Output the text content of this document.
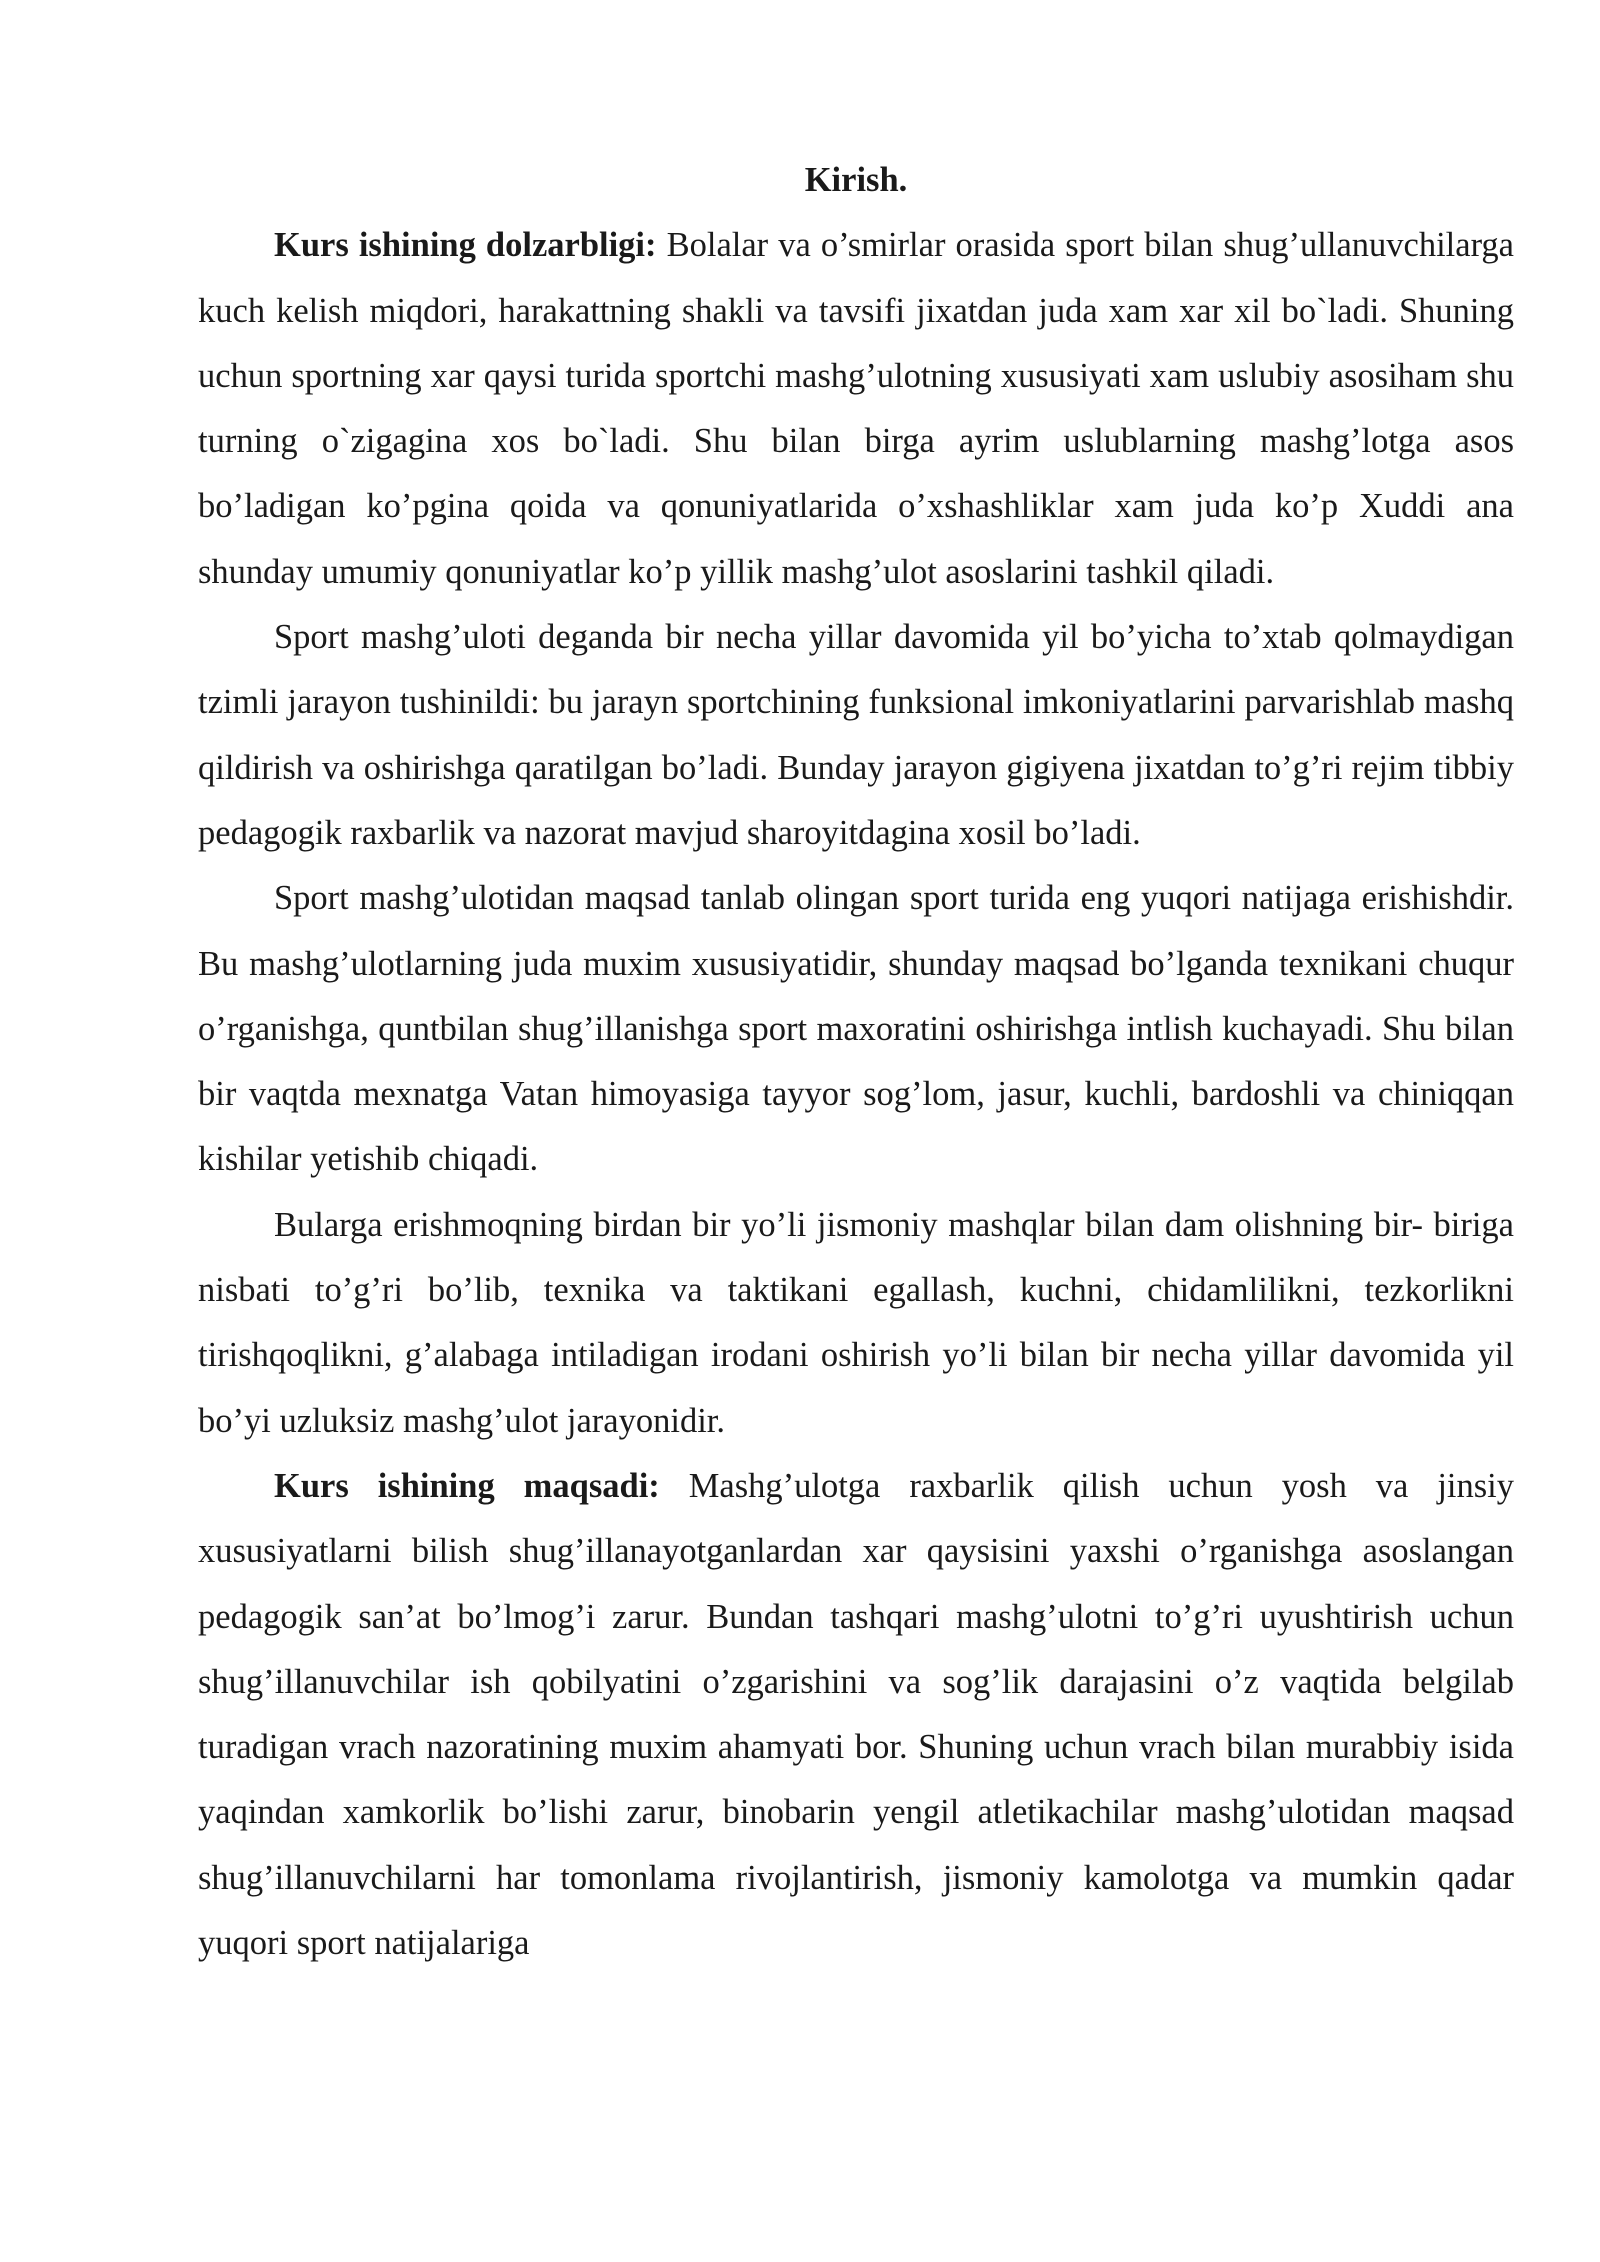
Kirish.

Kurs ishining dolzarbligi: Bolalar va o’smirlar orasida sport bilan shug’ullanuvchilarga kuch kelish miqdori, harakattning shakli va tavsifi jixatdan juda xam xar xil bo`ladi. Shuning uchun sportning xar qaysi turida sportchi mashg’ulotning xususiyati xam uslubiy asosiham shu turning o`zigagina xos bo`ladi. Shu bilan birga ayrim uslublarning mashg’lotga asos bo’ladigan ko’pgina qoida va qonuniyatlarida o’xshashliklar xam juda ko’p Xuddi ana shunday umumiy qonuniyatlar ko’p yillik mashg’ulot asoslarini tashkil qiladi.

Sport mashg’uloti deganda bir necha yillar davomida yil bo’yicha to’xtab qolmaydigan tzimli jarayon tushinildi: bu jarayn sportchining funksional imkoniyatlarini parvarishlab mashq qildirish va oshirishga qaratilgan bo’ladi. Bunday jarayon gigiyena jixatdan to’g’ri rejim tibbiy pedagogik raxbarlik va nazorat mavjud sharoyitdagina xosil bo’ladi.

Sport mashg’ulotidan maqsad tanlab olingan sport turida eng yuqori natijaga erishishdir. Bu mashg’ulotlarning juda muxim xususiyatidir, shunday maqsad bo’lganda texnikani chuqur o’rganishga, quntbilan shug’illanishga sport maxoratini oshirishga intlish kuchayadi. Shu bilan bir vaqtda mexnatga Vatan himoyasiga tayyor sog’lom, jasur, kuchli, bardoshli va chiniqqan kishilar yetishib chiqadi.

Bularga erishmoqning birdan bir yo’li jismoniy mashqlar bilan dam olishning bir- biriga nisbati to’g’ri bo’lib, texnika va taktikani egallash, kuchni, chidamlilikni, tezkorlikni tirishqoqlikni, g’alabaga intiladigan irodani oshirish yo’li bilan bir necha yillar davomida yil bo’yi uzluksiz mashg’ulot jarayonidir.

Kurs ishining maqsadi: Mashg’ulotga raxbarlik qilish uchun yosh va jinsiy xususiyatlarni bilish shug’illanayotganlardan xar qaysisini yaxshi o’rganishga asoslangan pedagogik san’at bo’lmog’i zarur. Bundan tashqari mashg’ulotni to’g’ri uyushtirish uchun shug’illanuvchilar ish qobilyatini o’zgarishini va sog’lik darajasini o’z vaqtida belgilab turadigan vrach nazoratining muxim ahamyati bor. Shuning uchun vrach bilan murabbiy isida yaqindan xamkorlik bo’lishi zarur, binobarin yengil atletikachilar mashg’ulotidan maqsad shug’illanuvchilarni har tomonlama rivojlantirish, jismoniy kamolotga va mumkin qadar yuqori sport natijalariga
